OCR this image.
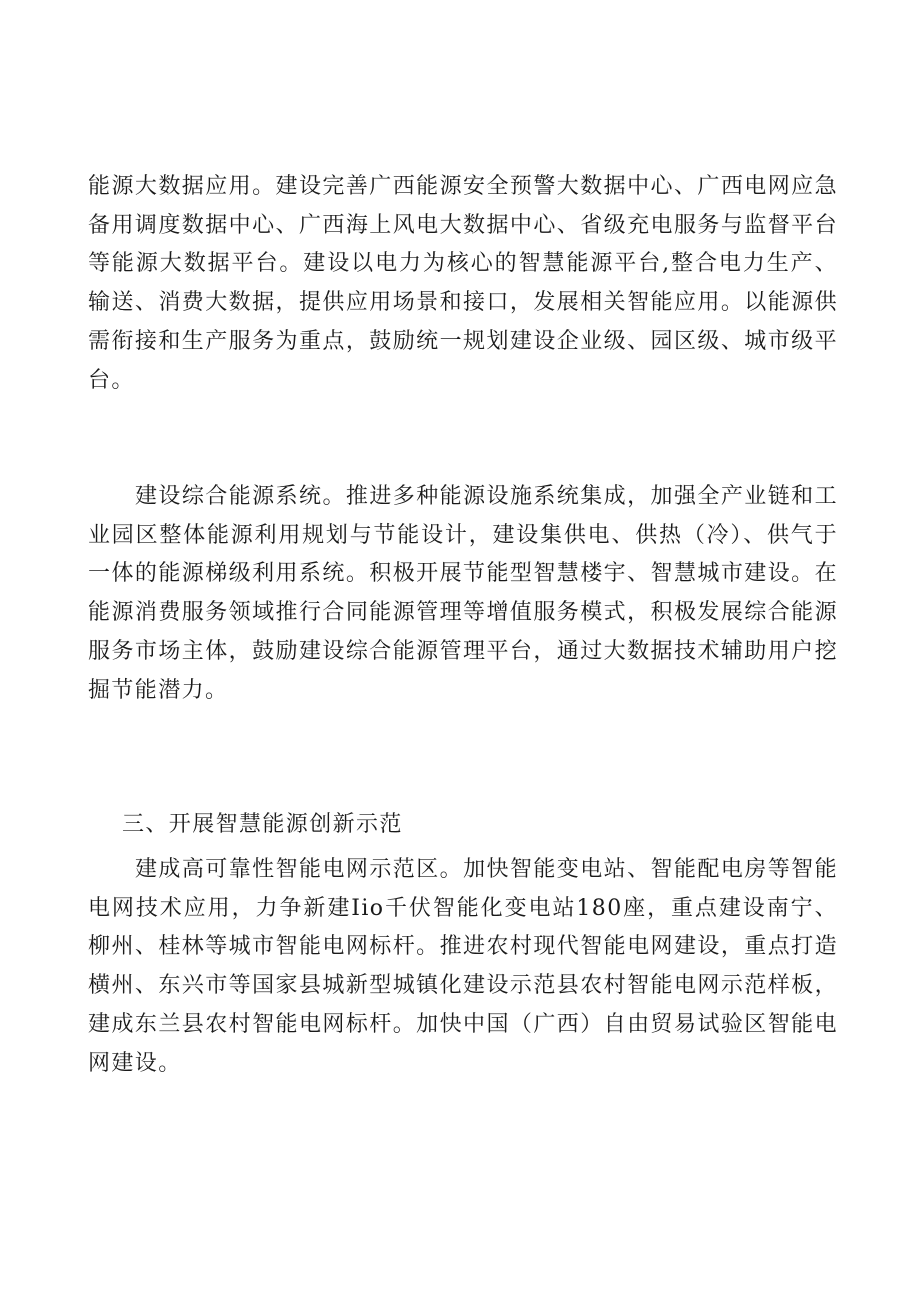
能源大数据应用。建设完善广西能源安全预警大数据中心、广西电网应急备用调度数据中心、广西海上风电大数据中心、省级充电服务与监督平台等能源大数据平台。建设以电力为核心的智慧能源平台,整合电力生产、输送、消费大数据，提供应用场景和接口，发展相关智能应用。以能源供需衔接和生产服务为重点，鼓励统一规划建设企业级、园区级、城市级平台。

建设综合能源系统。推进多种能源设施系统集成，加强全产业链和工业园区整体能源利用规划与节能设计，建设集供电、供热（冷）、供气于一体的能源梯级利用系统。积极开展节能型智慧楼宇、智慧城市建设。在能源消费服务领域推行合同能源管理等增值服务模式，积极发展综合能源服务市场主体，鼓励建设综合能源管理平台，通过大数据技术辅助用户挖掘节能潜力。

三、开展智慧能源创新示范

建成高可靠性智能电网示范区。加快智能变电站、智能配电房等智能电网技术应用，力争新建Iio千伏智能化变电站180座，重点建设南宁、柳州、桂林等城市智能电网标杆。推进农村现代智能电网建设，重点打造横州、东兴市等国家县城新型城镇化建设示范县农村智能电网示范样板，建成东兰县农村智能电网标杆。加快中国（广西）自由贸易试验区智能电网建设。
